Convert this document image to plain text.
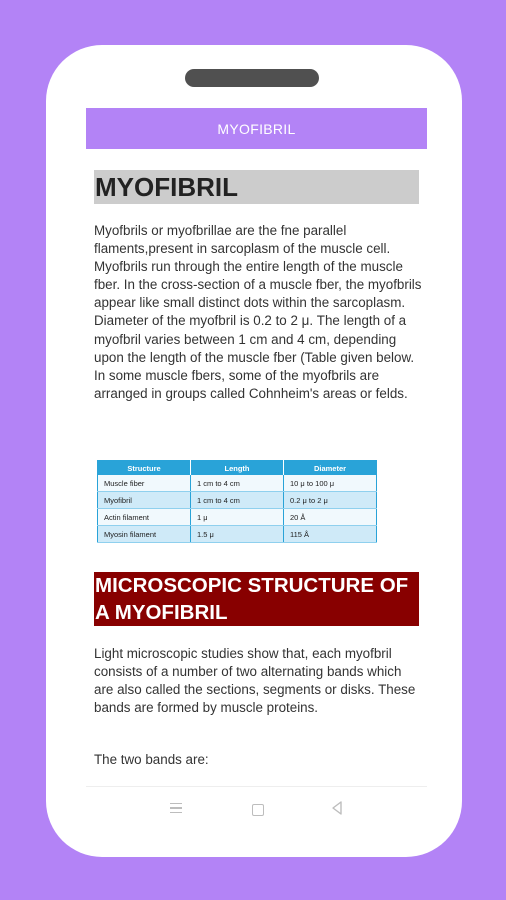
MYOFIBRIL
MYOFIBRIL
Myofbrils or myofbrillae are the fne parallel flaments,present in sarcoplasm of the muscle cell. Myofbrils run through the entire length of the muscle fber. In the cross-section of a muscle fber, the myofbrils appear like small distinct dots within the sarcoplasm. Diameter of the myofbril is 0.2 to 2 μ. The length of a myofbril varies between 1 cm and 4 cm, depending upon the length of the muscle fber (Table given below. In some muscle fbers, some of the myofbrils are arranged in groups called Cohnheim's areas or felds.
Structure	Length	Diameter
Muscle fiber	1 cm to 4 cm	10 μ to 100 μ
Myofibril	1 cm to 4 cm	0.2 μ to 2 μ
Actin filament	1 μ	20 Å
Myosin filament	1.5 μ	115 Å
MICROSCOPIC STRUCTURE OF A MYOFIBRIL
Light microscopic studies show that, each myofbril consists of a number of two alternating bands which are also called the sections, segments or disks. These bands are formed by muscle proteins.
The two bands are:
